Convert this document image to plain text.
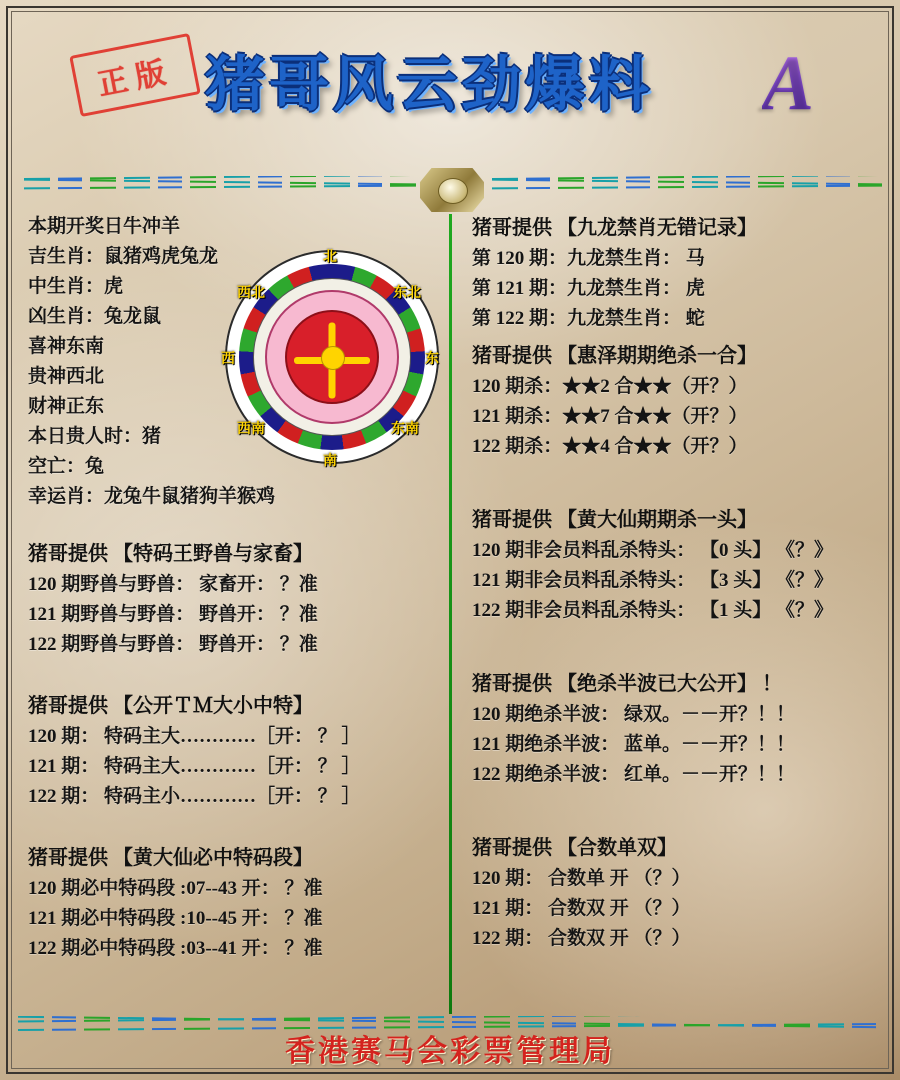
正版 猪哥风云劲爆料	A
本期开奖日牛冲羊
吉生肖：鼠猪鸡虎兔龙
中生肖：虎
凶生肖：兔龙鼠
喜神东南
贵神西北
财神正东
本日贵人时：猪
空亡：兔
幸运肖：龙兔牛鼠猪狗羊猴鸡
猪哥提供 【特码王野兽与家畜】
120 期野兽与野兽： 家畜开： ？准
121 期野兽与野兽： 野兽开： ？准
122 期野兽与野兽： 野兽开： ？准
猪哥提供 【公开ＴＭ大小中特】
120 期： 特码主大…………［开： ？ ］
121 期： 特码主大…………［开： ？ ］
122 期： 特码主小…………［开： ？ ］
猪哥提供 【黄大仙必中特码段】
120 期必中特码段 :07--43 开： ？准
121 期必中特码段 :10--45 开： ？准
122 期必中特码段 :03--41 开： ？准
北
东北
东
东南
南
西南
西
西北
猪哥提供 【九龙禁肖无错记录】
第 120 期：九龙禁生肖： 马
第 121 期：九龙禁生肖： 虎
第 122 期：九龙禁生肖： 蛇
猪哥提供 【惠泽期期绝杀一合】
120 期杀：★★2 合★★（开？）
121 期杀：★★7 合★★（开？）
122 期杀：★★4 合★★（开？）
猪哥提供 【黄大仙期期杀一头】
120 期非会员料乱杀特头： 【0 头】 《？》
121 期非会员料乱杀特头： 【3 头】 《？》
122 期非会员料乱杀特头： 【1 头】 《？》
猪哥提供 【绝杀半波已大公开】 ！
120 期绝杀半波： 绿双。－－开？！！
121 期绝杀半波： 蓝单。－－开？！！
122 期绝杀半波： 红单。－－开？！！
猪哥提供 【合数单双】
120 期： 合数单 开 （？）
121 期： 合数双 开 （？）
122 期： 合数双 开 （？）
香港赛马会彩票管理局
